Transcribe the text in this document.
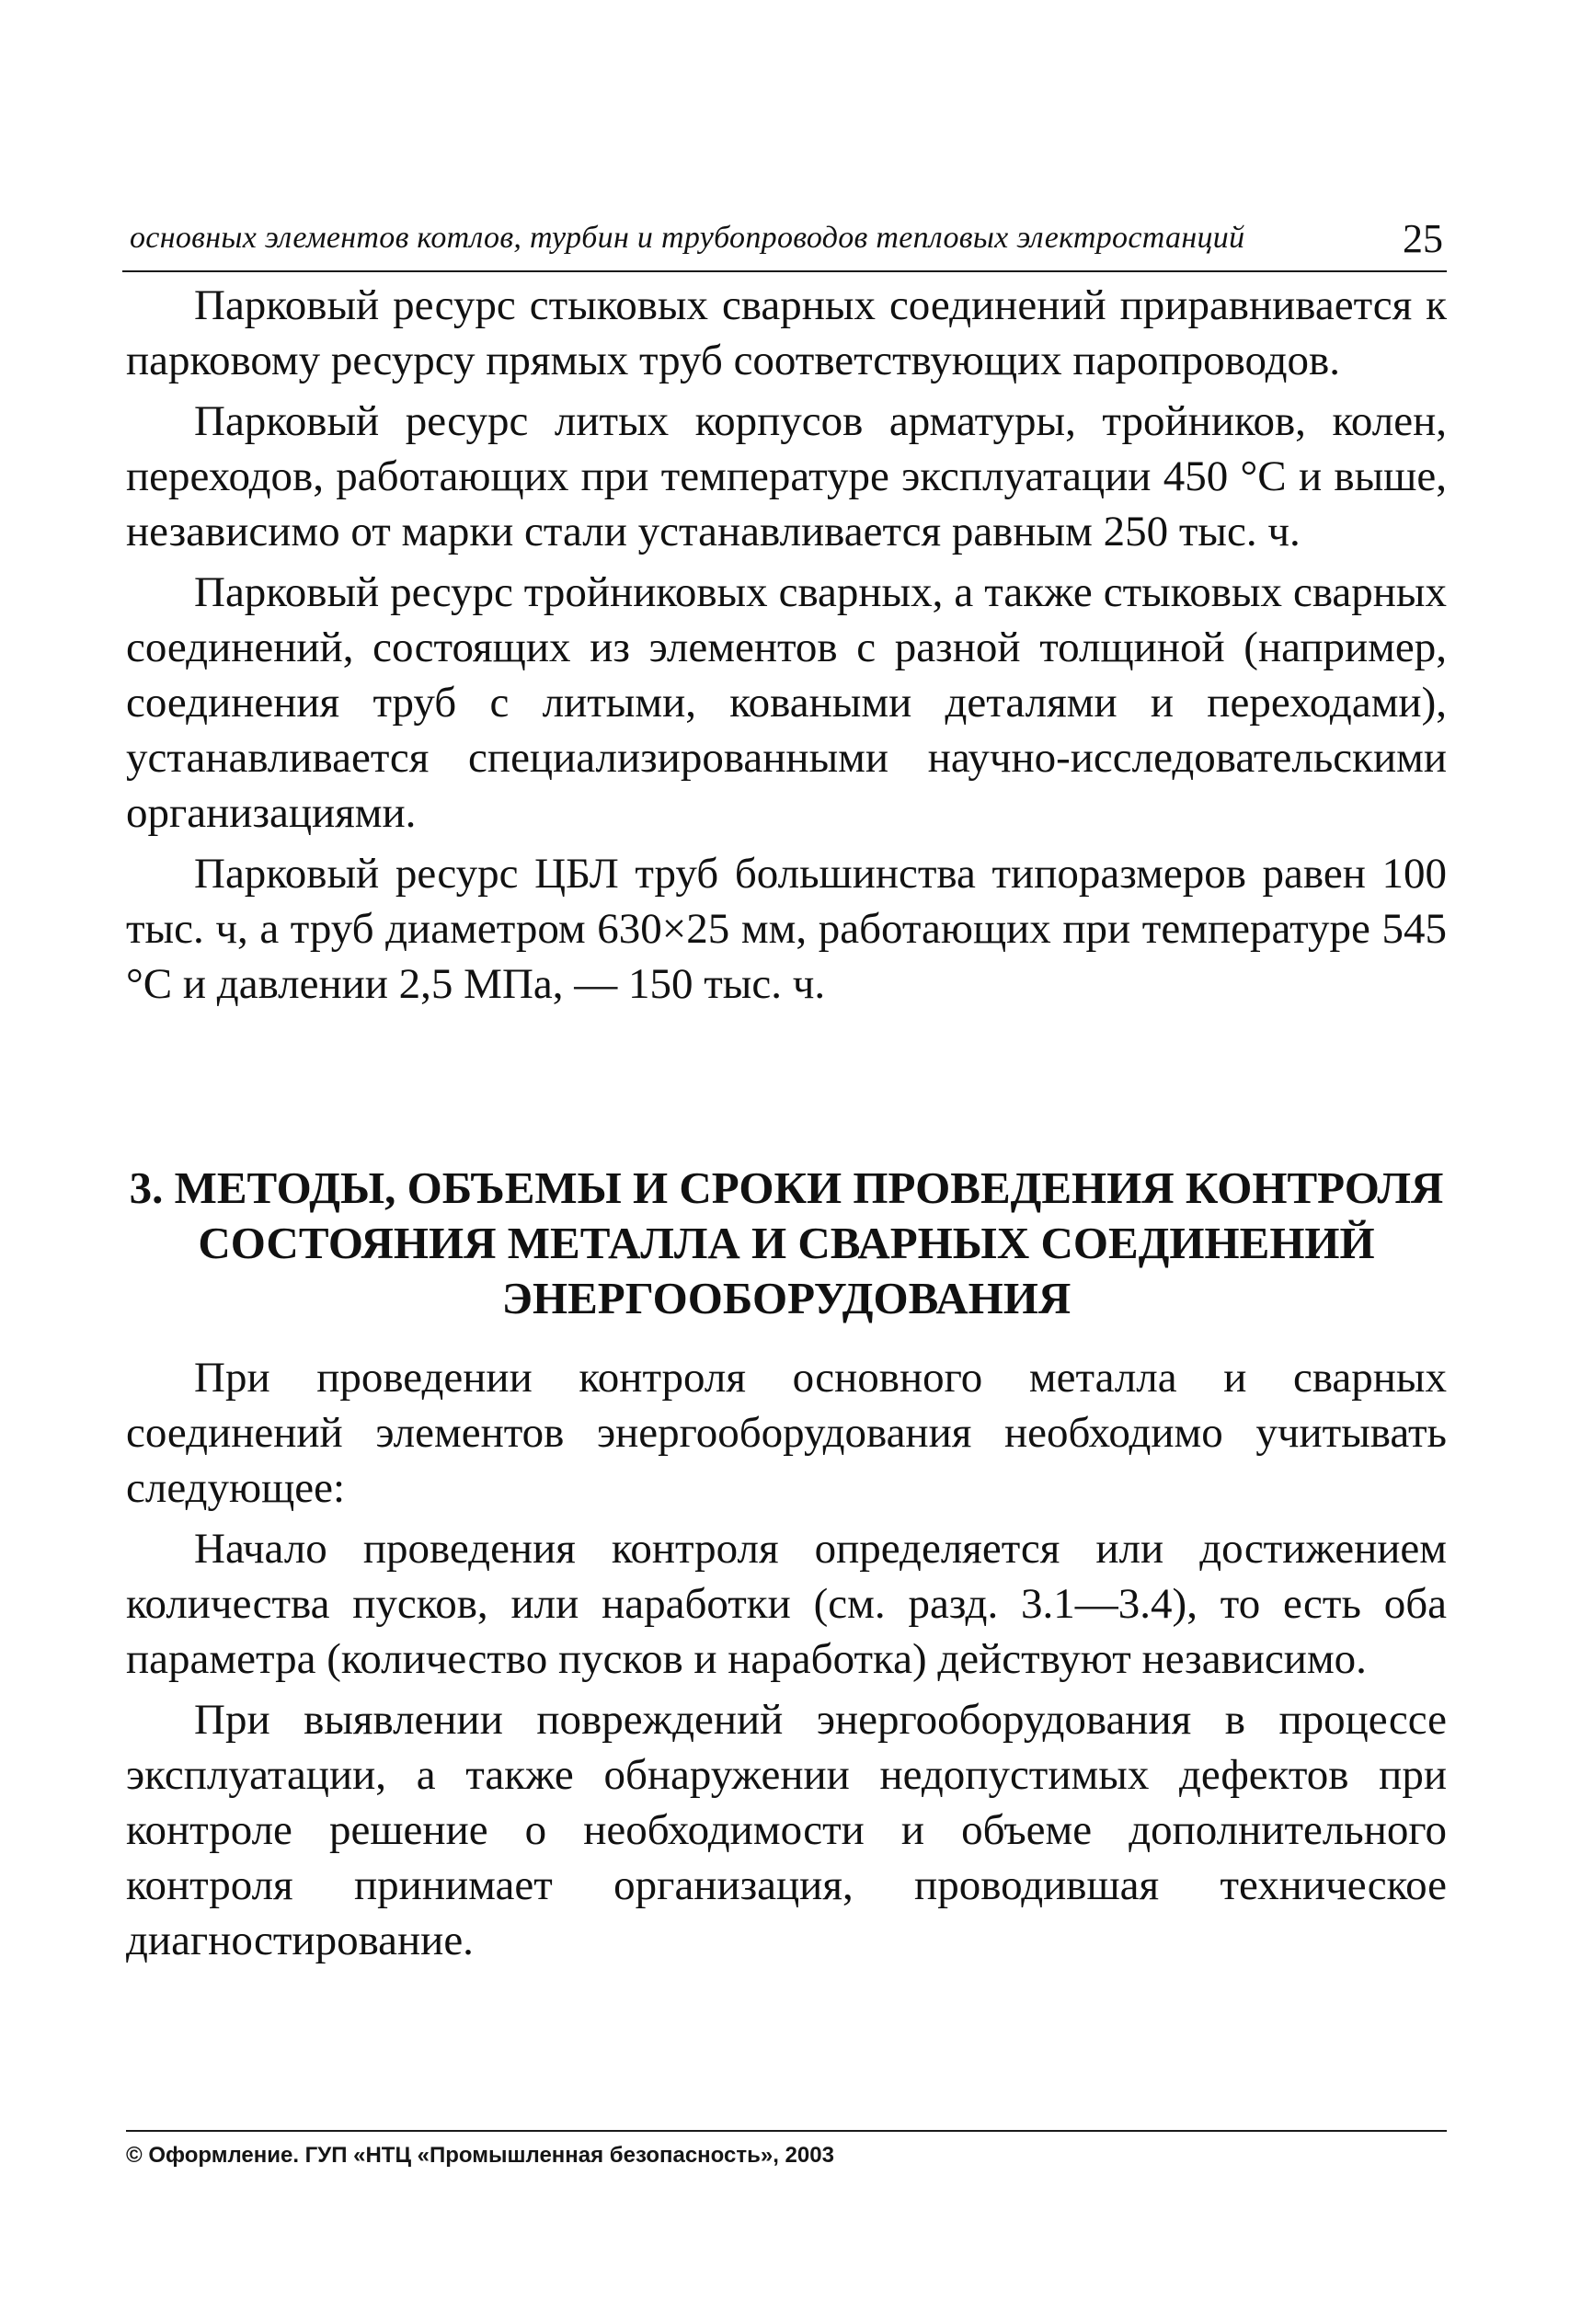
основных элементов котлов, турбин и трубопроводов тепловых электростанций	25

Парковый ресурс стыковых сварных соединений приравнивается к парковому ресурсу прямых труб соответствующих паропроводов.

Парковый ресурс литых корпусов арматуры, тройников, колен, переходов, работающих при температуре эксплуатации 450 °С и выше, независимо от марки стали устанавливается равным 250 тыс. ч.

Парковый ресурс тройниковых сварных, а также стыковых сварных соединений, состоящих из элементов с разной толщиной (например, соединения труб с литыми, коваными деталями и переходами), устанавливается специализированными научно-исследовательскими организациями.

Парковый ресурс ЦБЛ труб большинства типоразмеров равен 100 тыс. ч, а труб диаметром 630×25 мм, работающих при температуре 545 °С и давлении 2,5 МПа, — 150 тыс. ч.

3. МЕТОДЫ, ОБЪЕМЫ И СРОКИ ПРОВЕДЕНИЯ КОНТРОЛЯ
СОСТОЯНИЯ МЕТАЛЛА И СВАРНЫХ СОЕДИНЕНИЙ
ЭНЕРГООБОРУДОВАНИЯ

При проведении контроля основного металла и сварных соединений элементов энергооборудования необходимо учитывать следующее:

Начало проведения контроля определяется или достижением количества пусков, или наработки (см. разд. 3.1—3.4), то есть оба параметра (количество пусков и наработка) действуют независимо.

При выявлении повреждений энергооборудования в процессе эксплуатации, а также обнаружении недопустимых дефектов при контроле решение о необходимости и объеме дополнительного контроля принимает организация, проводившая техническое диагностирование.

© Оформление. ГУП «НТЦ «Промышленная безопасность», 2003
